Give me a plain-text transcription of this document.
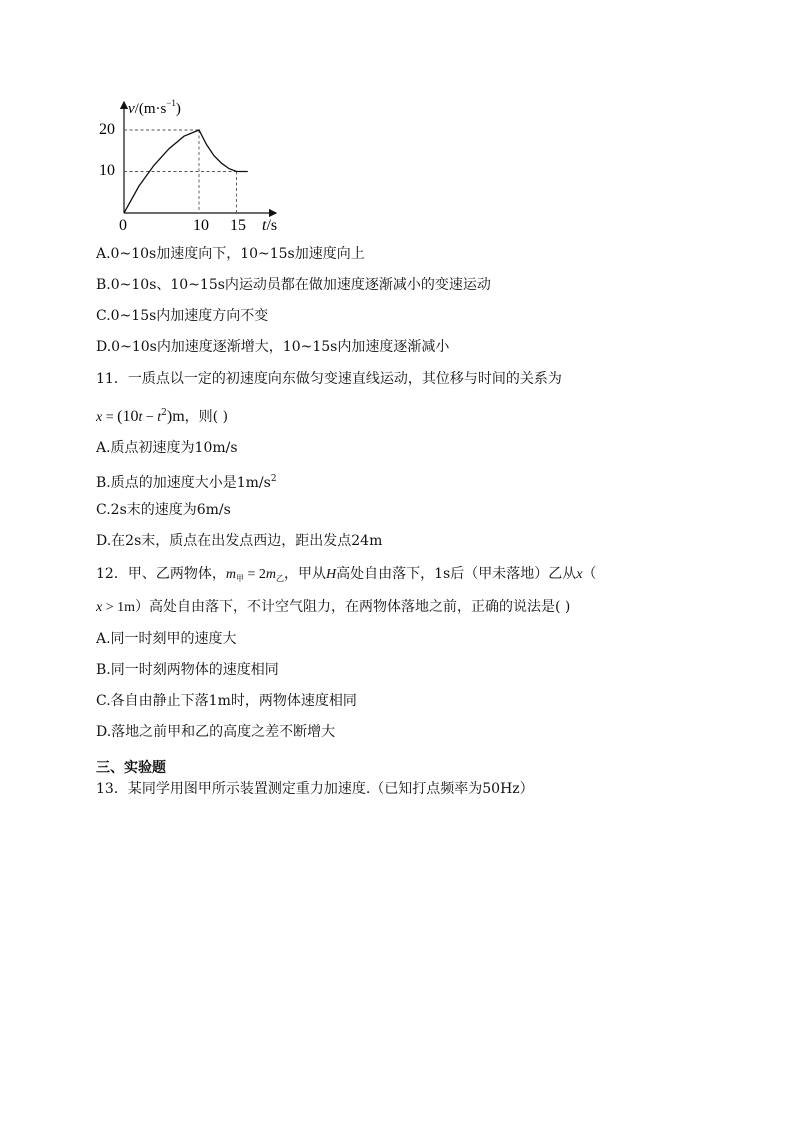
$v/(m\cdot s^{-1})$
20
10
0	10 15 t/s
A.0~10s加速度向下，10~15s加速度向上
B.0~10s、10~15s内运动员都在做加速度逐渐减小的变速运动
C.0~15s内加速度方向不变
D.0~10s内加速度逐渐增大，10~15s内加速度逐渐减小
11．一质点以一定的初速度向东做匀变速直线运动，其位移与时间的关系为
$x = (10t - t^2)m$，则( )
A.质点初速度为10m/s
B.质点的加速度大小是$1m/s^2$
C.2s末的速度为6m/s
D.在2s末，质点在出发点西边，距出发点24m
12．甲、乙两物体，$m_甲 = 2m_乙$，甲从H高处自由落下，1s后（甲未落地）乙从x（
x > 1m）高处自由落下，不计空气阻力，在两物体落地之前，正确的说法是( )
A.同一时刻甲的速度大
B.同一时刻两物体的速度相同
C.各自由静止下落1m时，两物体速度相同
D.落地之前甲和乙的高度之差不断增大
三、实验题
13．某同学用图甲所示装置测定重力加速度.（已知打点频率为50Hz）
